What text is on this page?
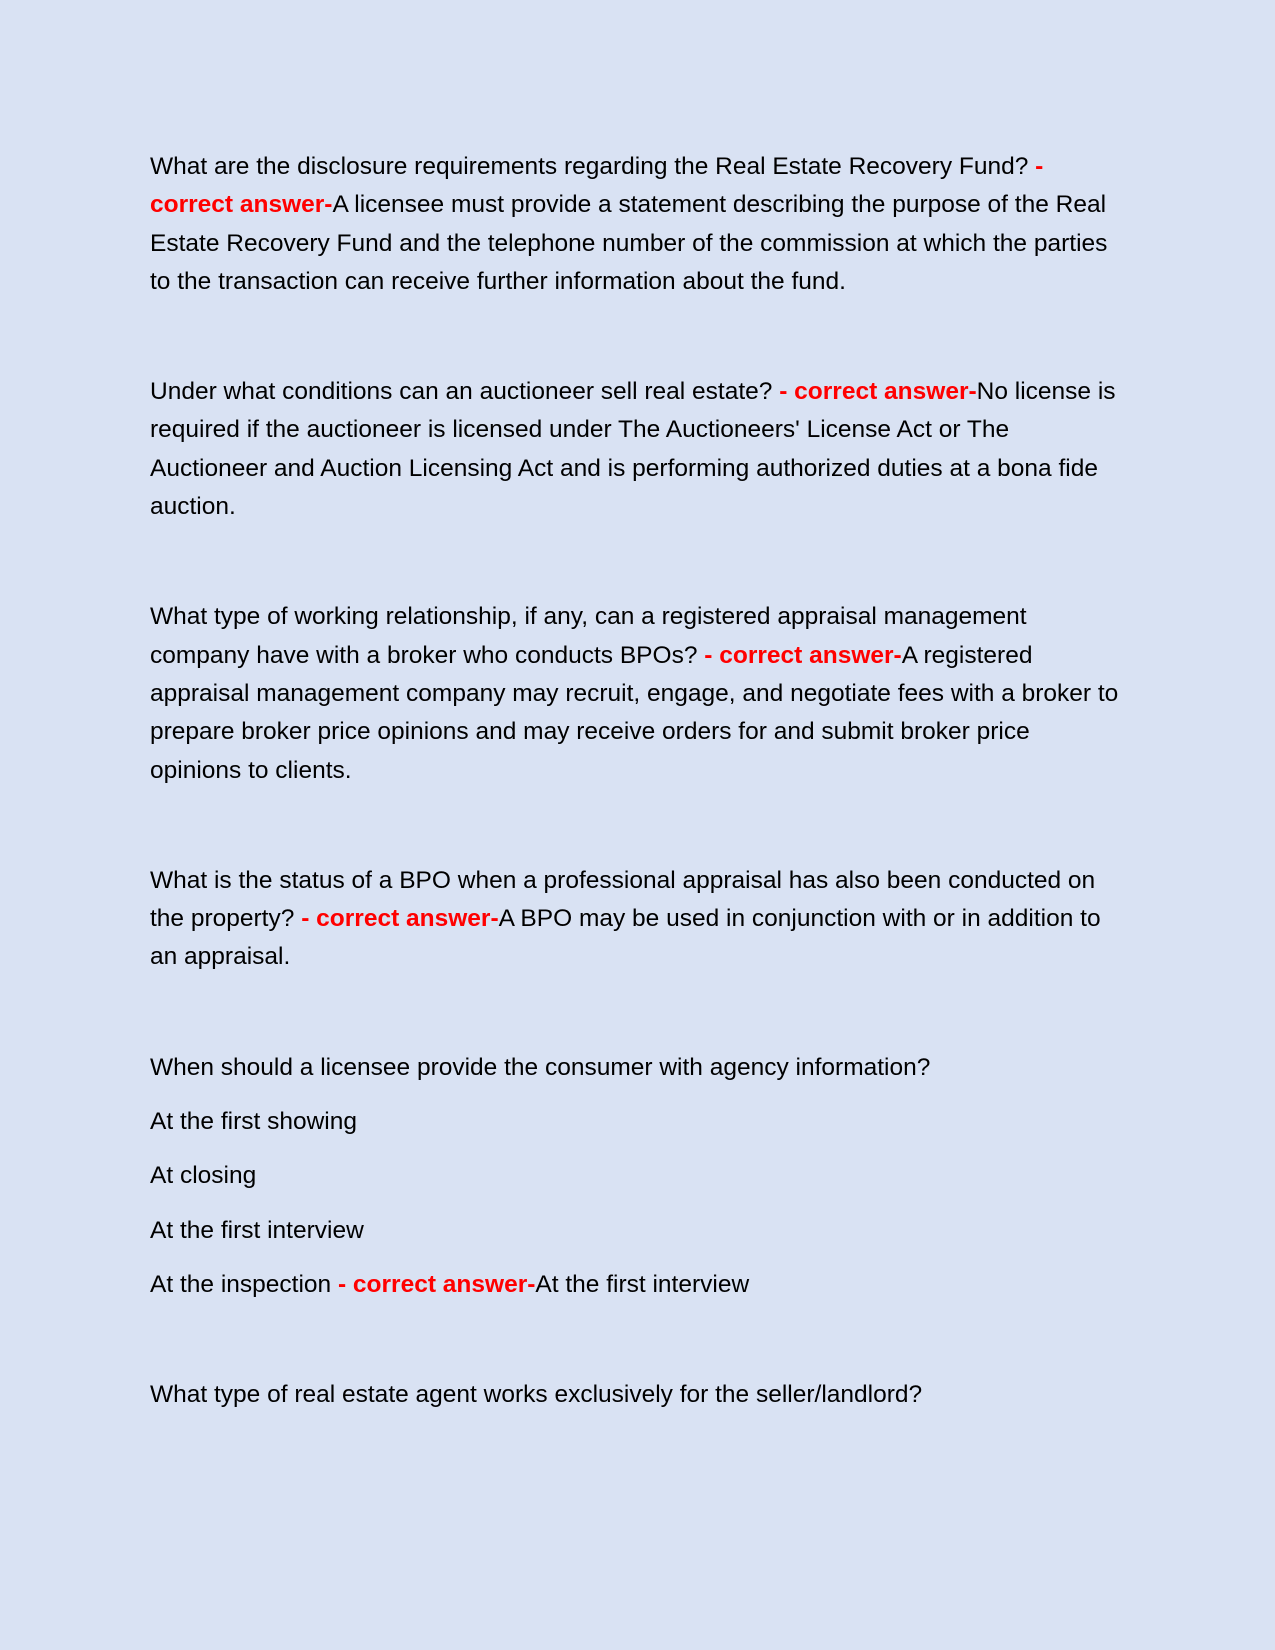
What are the disclosure requirements regarding the Real Estate Recovery Fund? - correct answer-A licensee must provide a statement describing the purpose of the Real Estate Recovery Fund and the telephone number of the commission at which the parties to the transaction can receive further information about the fund.

Under what conditions can an auctioneer sell real estate? - correct answer-No license is required if the auctioneer is licensed under The Auctioneers' License Act or The Auctioneer and Auction Licensing Act and is performing authorized duties at a bona fide auction.

What type of working relationship, if any, can a registered appraisal management company have with a broker who conducts BPOs? - correct answer-A registered appraisal management company may recruit, engage, and negotiate fees with a broker to prepare broker price opinions and may receive orders for and submit broker price opinions to clients.

What is the status of a BPO when a professional appraisal has also been conducted on the property? - correct answer-A BPO may be used in conjunction with or in addition to an appraisal.

When should a licensee provide the consumer with agency information?

At the first showing

At closing

At the first interview

At the inspection - correct answer-At the first interview

What type of real estate agent works exclusively for the seller/landlord?
